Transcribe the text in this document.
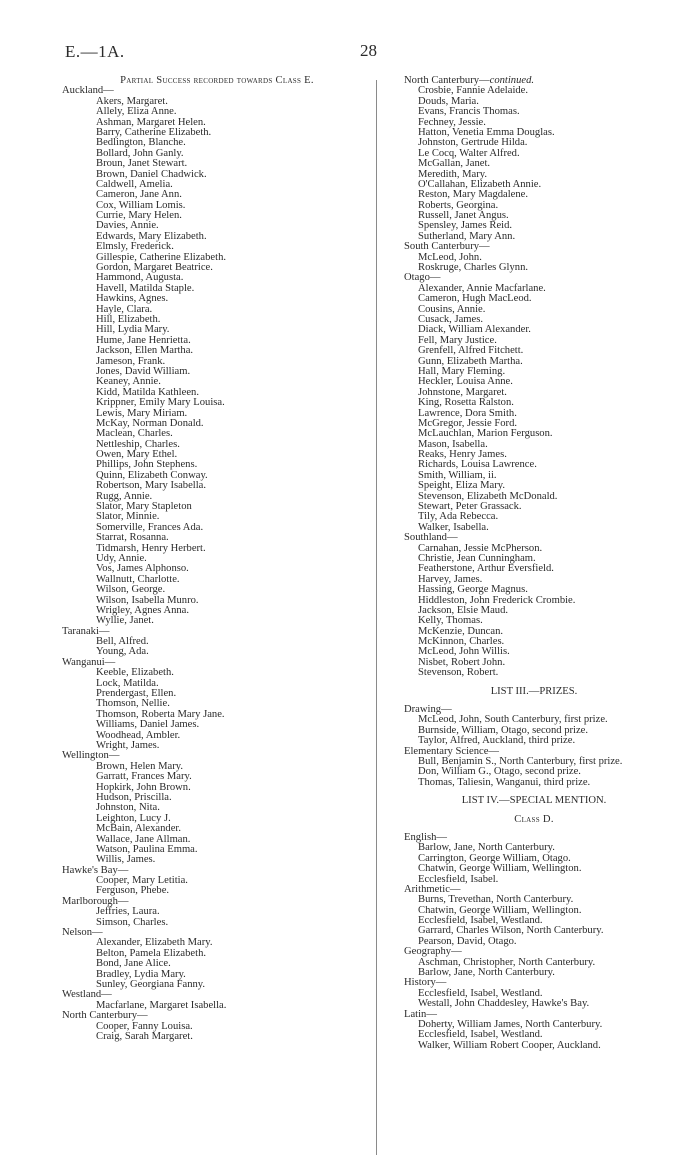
E.—1A.	28
Partial Success recorded towards Class E.
Auckland—
Akers, Margaret.
Allely, Eliza Anne.
Ashman, Margaret Helen.
Barry, Catherine Elizabeth.
Bedlington, Blanche.
Bollard, John Ganly.
Broun, Janet Stewart.
Brown, Daniel Chadwick.
Caldwell, Amelia.
Cameron, Jane Ann.
Cox, William Lomis.
Currie, Mary Helen.
Davies, Annie.
Edwards, Mary Elizabeth.
Elmsly, Frederick.
Gillespie, Catherine Elizabeth.
Gordon, Margaret Beatrice.
Hammond, Augusta.
Havell, Matilda Staple.
Hawkins, Agnes.
Hayle, Clara.
Hill, Elizabeth.
Hill, Lydia Mary.
Hume, Jane Henrietta.
Jackson, Ellen Martha.
Jameson, Frank.
Jones, David William.
Keaney, Annie.
Kidd, Matilda Kathleen.
Krippner, Emily Mary Louisa.
Lewis, Mary Miriam.
McKay, Norman Donald.
Maclean, Charles.
Nettleship, Charles.
Owen, Mary Ethel.
Phillips, John Stephens.
Quinn, Elizabeth Conway.
Robertson, Mary Isabella.
Rugg, Annie.
Slator, Mary Stapleton
Slator, Minnie.
Somerville, Frances Ada.
Starrat, Rosanna.
Tidmarsh, Henry Herbert.
Udy, Annie.
Vos, James Alphonso.
Wallnutt, Charlotte.
Wilson, George.
Wilson, Isabella Munro.
Wrigley, Agnes Anna.
Wyllie, Janet.
Taranaki—
Bell, Alfred.
Young, Ada.
Wanganui—
Keeble, Elizabeth.
Lock, Matilda.
Prendergast, Ellen.
Thomson, Nellie.
Thomson, Roberta Mary Jane.
Williams, Daniel James.
Woodhead, Ambler.
Wright, James.
Wellington—
Brown, Helen Mary.
Garratt, Frances Mary.
Hopkirk, John Brown.
Hudson, Priscilla.
Johnston, Nita.
Leighton, Lucy J.
McBain, Alexander.
Wallace, Jane Allman.
Watson, Paulina Emma.
Willis, James.
Hawke's Bay—
Cooper, Mary Letitia.
Ferguson, Phebe.
Marlborough—
Jeffries, Laura.
Simson, Charles.
Nelson—
Alexander, Elizabeth Mary.
Belton, Pamela Elizabeth.
Bond, Jane Alice.
Bradley, Lydia Mary.
Sunley, Georgiana Fanny.
Westland—
Macfarlane, Margaret Isabella.
North Canterbury—
Cooper, Fanny Louisa.
Craig, Sarah Margaret.
North Canterbury—continued.
Crosbie, Fannie Adelaide.
Douds, Maria.
Evans, Francis Thomas.
Fechney, Jessie.
Hatton, Venetia Emma Douglas.
Johnston, Gertrude Hilda.
Le Cocq, Walter Alfred.
McGallan, Janet.
Meredith, Mary.
O'Callahan, Elizabeth Annie.
Reston, Mary Magdalene.
Roberts, Georgina.
Russell, Janet Angus.
Spensley, James Reid.
Sutherland, Mary Ann.
South Canterbury—
McLeod, John.
Roskruge, Charles Glynn.
Otago—
Alexander, Annie Macfarlane.
Cameron, Hugh MacLeod.
Cousins, Annie.
Cusack, James.
Diack, William Alexander.
Fell, Mary Justice.
Grenfell, Alfred Fitchett.
Gunn, Elizabeth Martha.
Hall, Mary Fleming.
Heckler, Louisa Anne.
Johnstone, Margaret.
King, Rosetta Ralston.
Lawrence, Dora Smith.
McGregor, Jessie Ford.
McLauchlan, Marion Ferguson.
Mason, Isabella.
Reaks, Henry James.
Richards, Louisa Lawrence.
Smith, William, ii.
Speight, Eliza Mary.
Stevenson, Elizabeth McDonald.
Stewart, Peter Grassack.
Tily, Ada Rebecca.
Walker, Isabella.
Southland—
Carnahan, Jessie McPherson.
Christie, Jean Cunningham.
Featherstone, Arthur Eversfield.
Harvey, James.
Hassing, George Magnus.
Hiddleston, John Frederick Crombie.
Jackson, Elsie Maud.
Kelly, Thomas.
McKenzie, Duncan.
McKinnon, Charles.
McLeod, John Willis.
Nisbet, Robert John.
Stevenson, Robert.
LIST III.—PRIZES.
Drawing—
McLeod, John, South Canterbury, first prize.
Burnside, William, Otago, second prize.
Taylor, Alfred, Auckland, third prize.
Elementary Science—
Bull, Benjamin S., North Canterbury, first prize.
Don, William G., Otago, second prize.
Thomas, Taliesin, Wanganui, third prize.
LIST IV.—SPECIAL MENTION.
Class D.
English—
Barlow, Jane, North Canterbury.
Carrington, George William, Otago.
Chatwin, George William, Wellington.
Ecclesfield, Isabel.
Arithmetic—
Burns, Trevethan, North Canterbury.
Chatwin, George William, Wellington.
Ecclesfield, Isabel, Westland.
Garrard, Charles Wilson, North Canterbury.
Pearson, David, Otago.
Geography—
Aschman, Christopher, North Canterbury.
Barlow, Jane, North Canterbury.
History—
Ecclesfield, Isabel, Westland.
Westall, John Chaddesley, Hawke's Bay.
Latin—
Doherty, William James, North Canterbury.
Ecclesfield, Isabel, Westland.
Walker, William Robert Cooper, Auckland.
